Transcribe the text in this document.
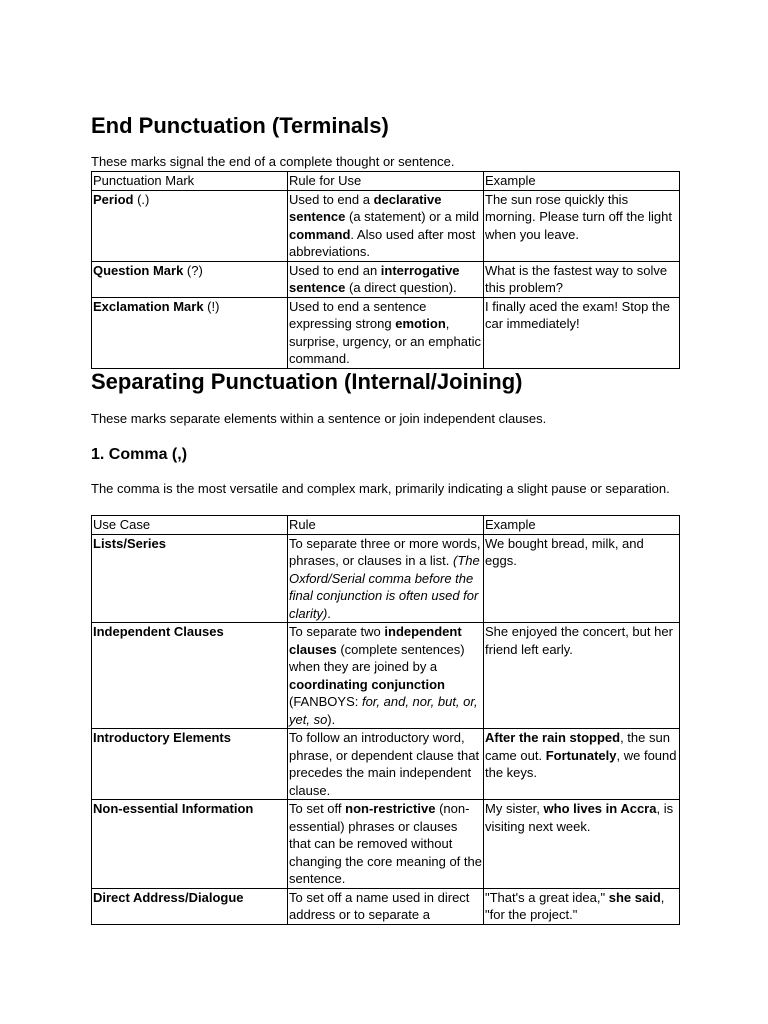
End Punctuation (Terminals)

These marks signal the end of a complete thought or sentence.

Punctuation Mark	Rule for Use	Example
Period (.)	Used to end a declarative sentence (a statement) or a mild command. Also used after most abbreviations.	The sun rose quickly this morning. Please turn off the light when you leave.
Question Mark (?)	Used to end an interrogative sentence (a direct question).	What is the fastest way to solve this problem?
Exclamation Mark (!)	Used to end a sentence expressing strong emotion, surprise, urgency, or an emphatic command.	I finally aced the exam! Stop the car immediately!
Separating Punctuation (Internal/Joining)

These marks separate elements within a sentence or join independent clauses.

1. Comma (,)

The comma is the most versatile and complex mark, primarily indicating a slight pause or separation.

Use Case	Rule	Example
Lists/Series	To separate three or more words, phrases, or clauses in a list. (The Oxford/Serial comma before the final conjunction is often used for clarity).	We bought bread, milk, and eggs.
Independent Clauses	To separate two independent clauses (complete sentences) when they are joined by a coordinating conjunction (FANBOYS: for, and, nor, but, or, yet, so).	She enjoyed the concert, but her friend left early.
Introductory Elements	To follow an introductory word, phrase, or dependent clause that precedes the main independent clause.	After the rain stopped, the sun came out. Fortunately, we found the keys.
Non-essential Information	To set off non-restrictive (non-essential) phrases or clauses that can be removed without changing the core meaning of the sentence.	My sister, who lives in Accra, is visiting next week.
Direct Address/Dialogue	To set off a name used in direct address or to separate a	"That's a great idea," she said, "for the project."
